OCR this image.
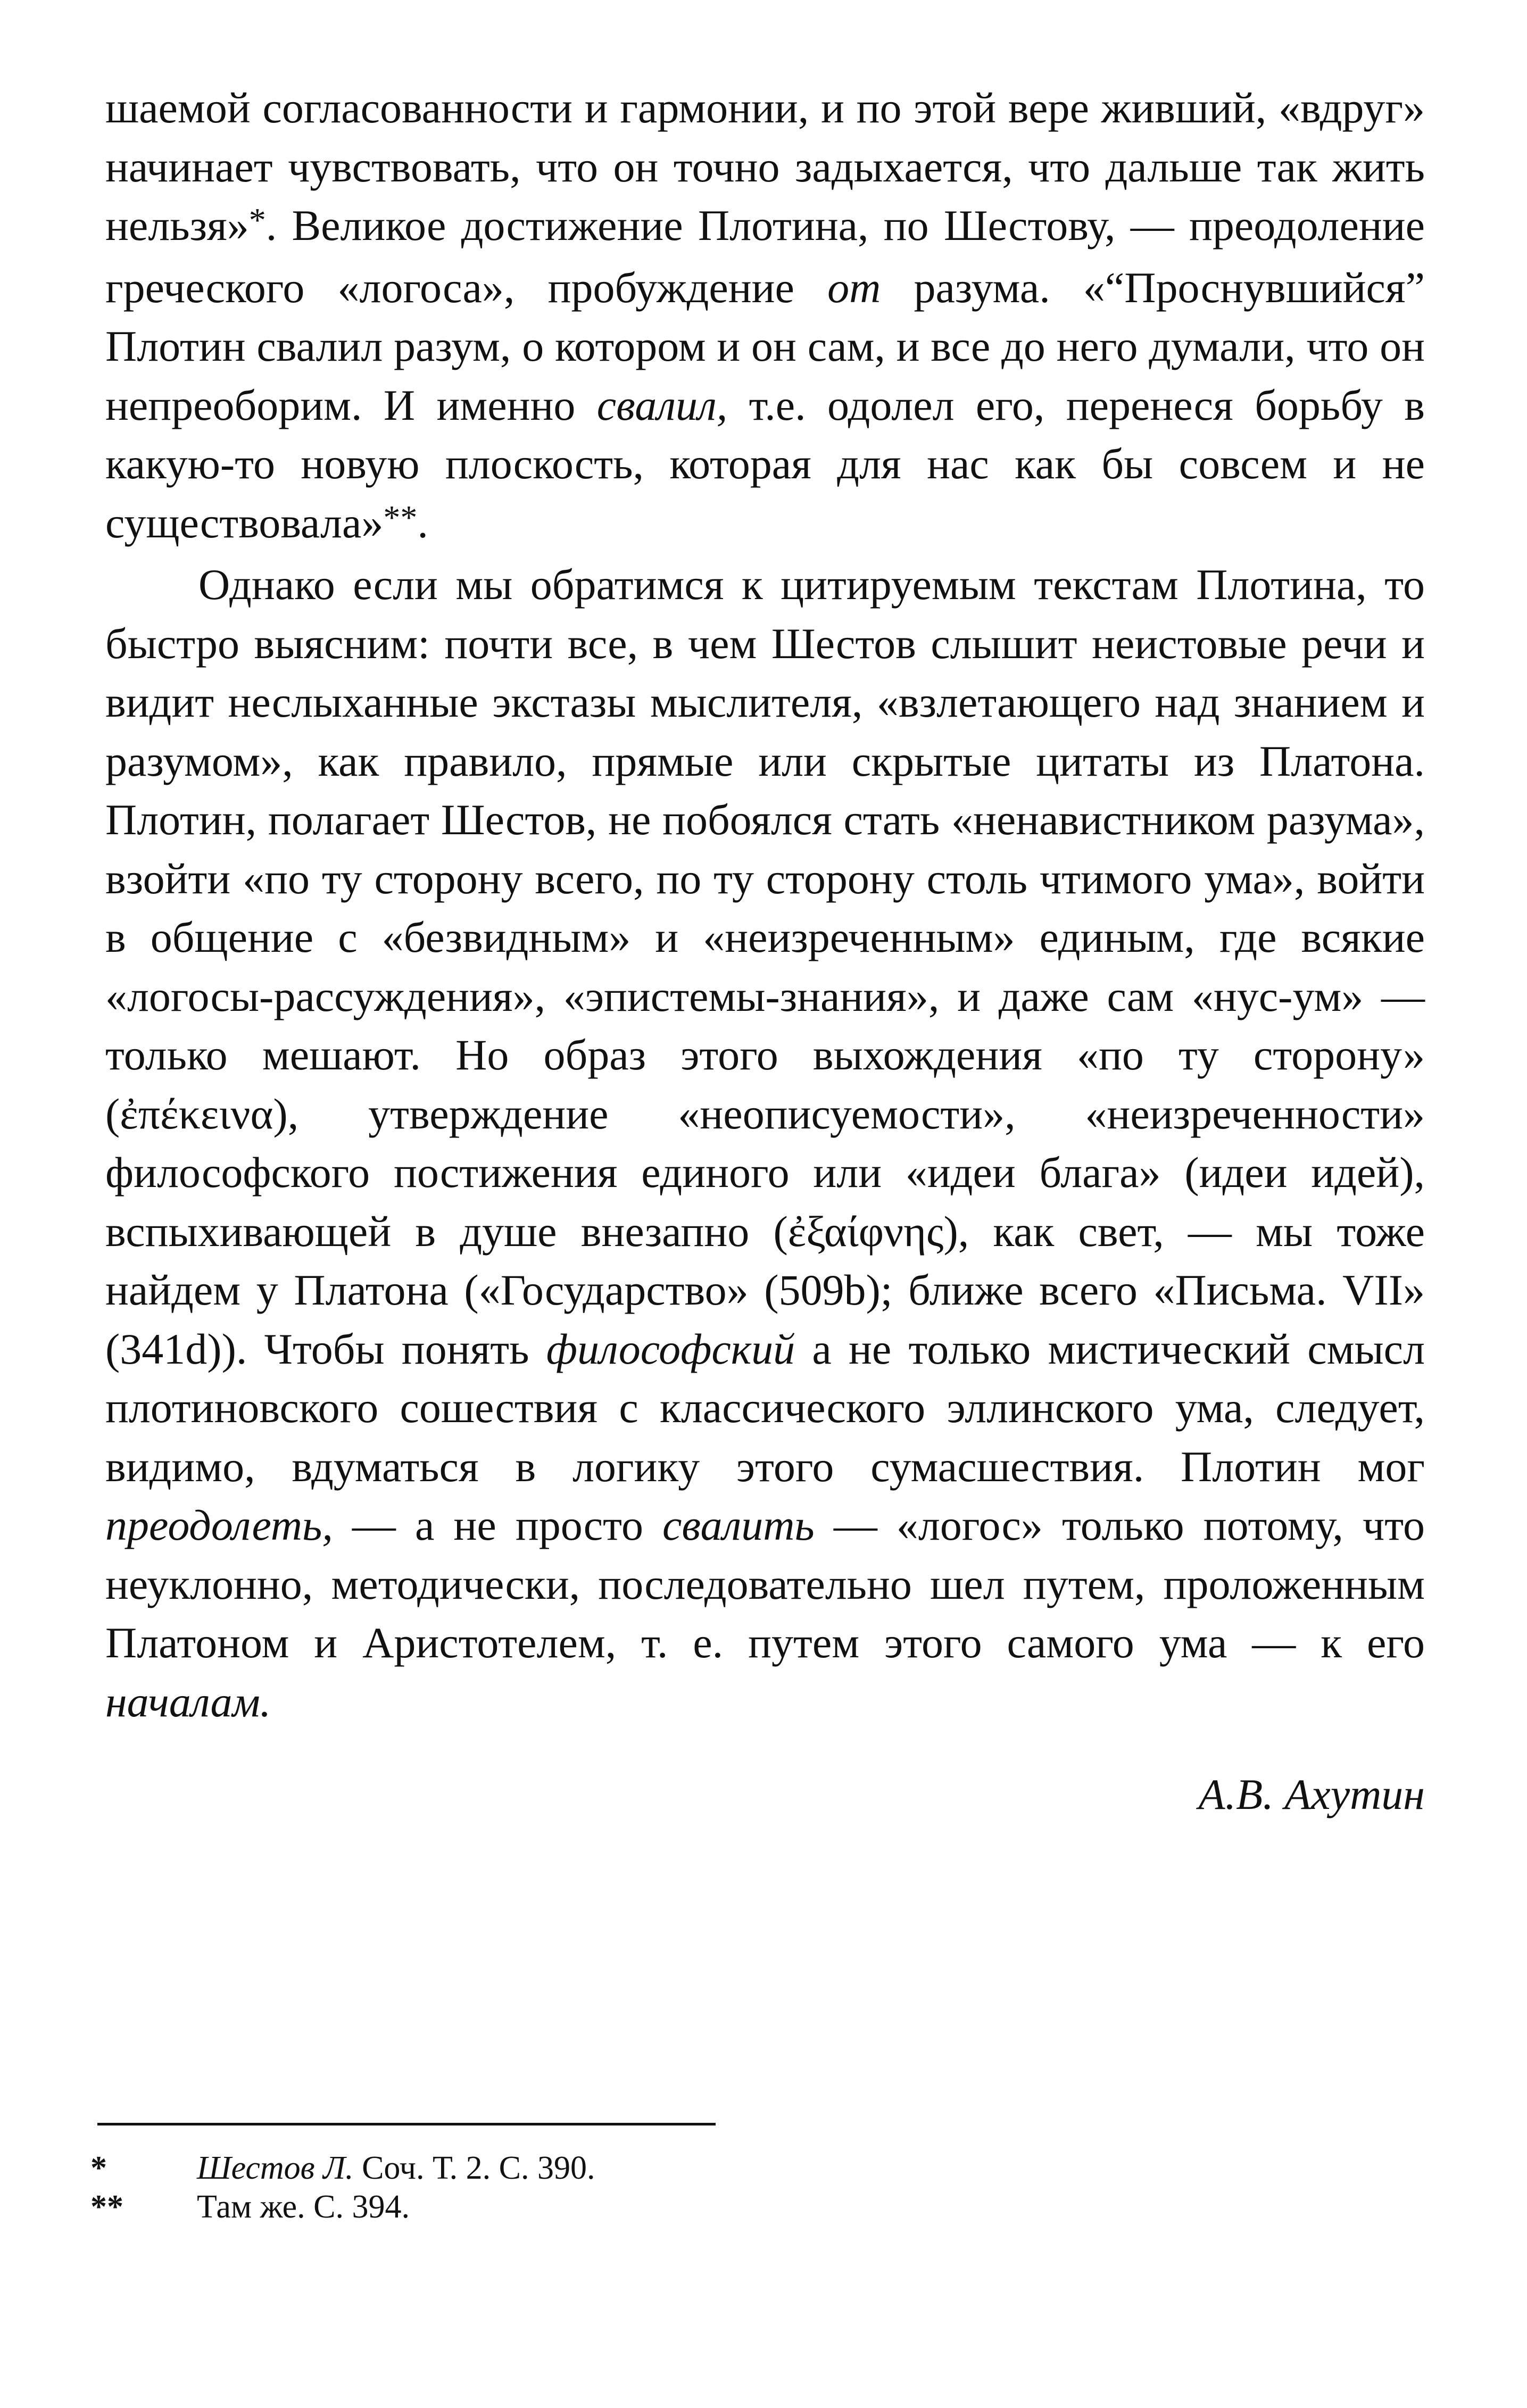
шаемой согласованности и гармонии, и по этой вере живший, «вдруг» начинает чувствовать, что он точно задыхается, что дальше так жить нельзя»*. Великое достижение Плотина, по Шестову, — преодоление греческого «логоса», пробуждение от разума. «“Проснувшийся” Плотин свалил разум, о котором и он сам, и все до него думали, что он непреоборим. И именно свалил, т.е. одолел его, перенеся борьбу в какую-то новую плоскость, которая для нас как бы совсем и не существовала»**.

Однако если мы обратимся к цитируемым текстам Плотина, то быстро выясним: почти все, в чем Шестов слышит неистовые речи и видит неслыханные экстазы мыслителя, «взлетающего над знанием и разумом», как правило, прямые или скрытые цитаты из Платона. Плотин, полагает Шестов, не побоялся стать «ненавистником разума», взойти «по ту сторону всего, по ту сторону столь чтимого ума», войти в общение с «безвидным» и «неизреченным» единым, где всякие «логосы-рассуждения», «эпистемы-знания», и даже сам «нус-ум» — только мешают. Но образ этого выхождения «по ту сторону» (ἐπέκεινα), утверждение «неописуемости», «неизреченности» философского постижения единого или «идеи блага» (идеи идей), вспыхивающей в душе внезапно (ἐξαίφνης), как свет, — мы тоже найдем у Платона («Государство» (509b); ближе всего «Письма. VII» (341d)). Чтобы понять философский а не только мистический смысл плотиновского сошествия с классического эллинского ума, следует, видимо, вдуматься в логику этого сумасшествия. Плотин мог преодолеть, — а не просто свалить — «логос» только потому, что неуклонно, методически, последовательно шел путем, проложенным Платоном и Аристотелем, т. е. путем этого самого ума — к его началам.

А.В. Ахутин
*	Шестов Л. Соч. Т. 2. С. 390.
** Там же. С. 394.
